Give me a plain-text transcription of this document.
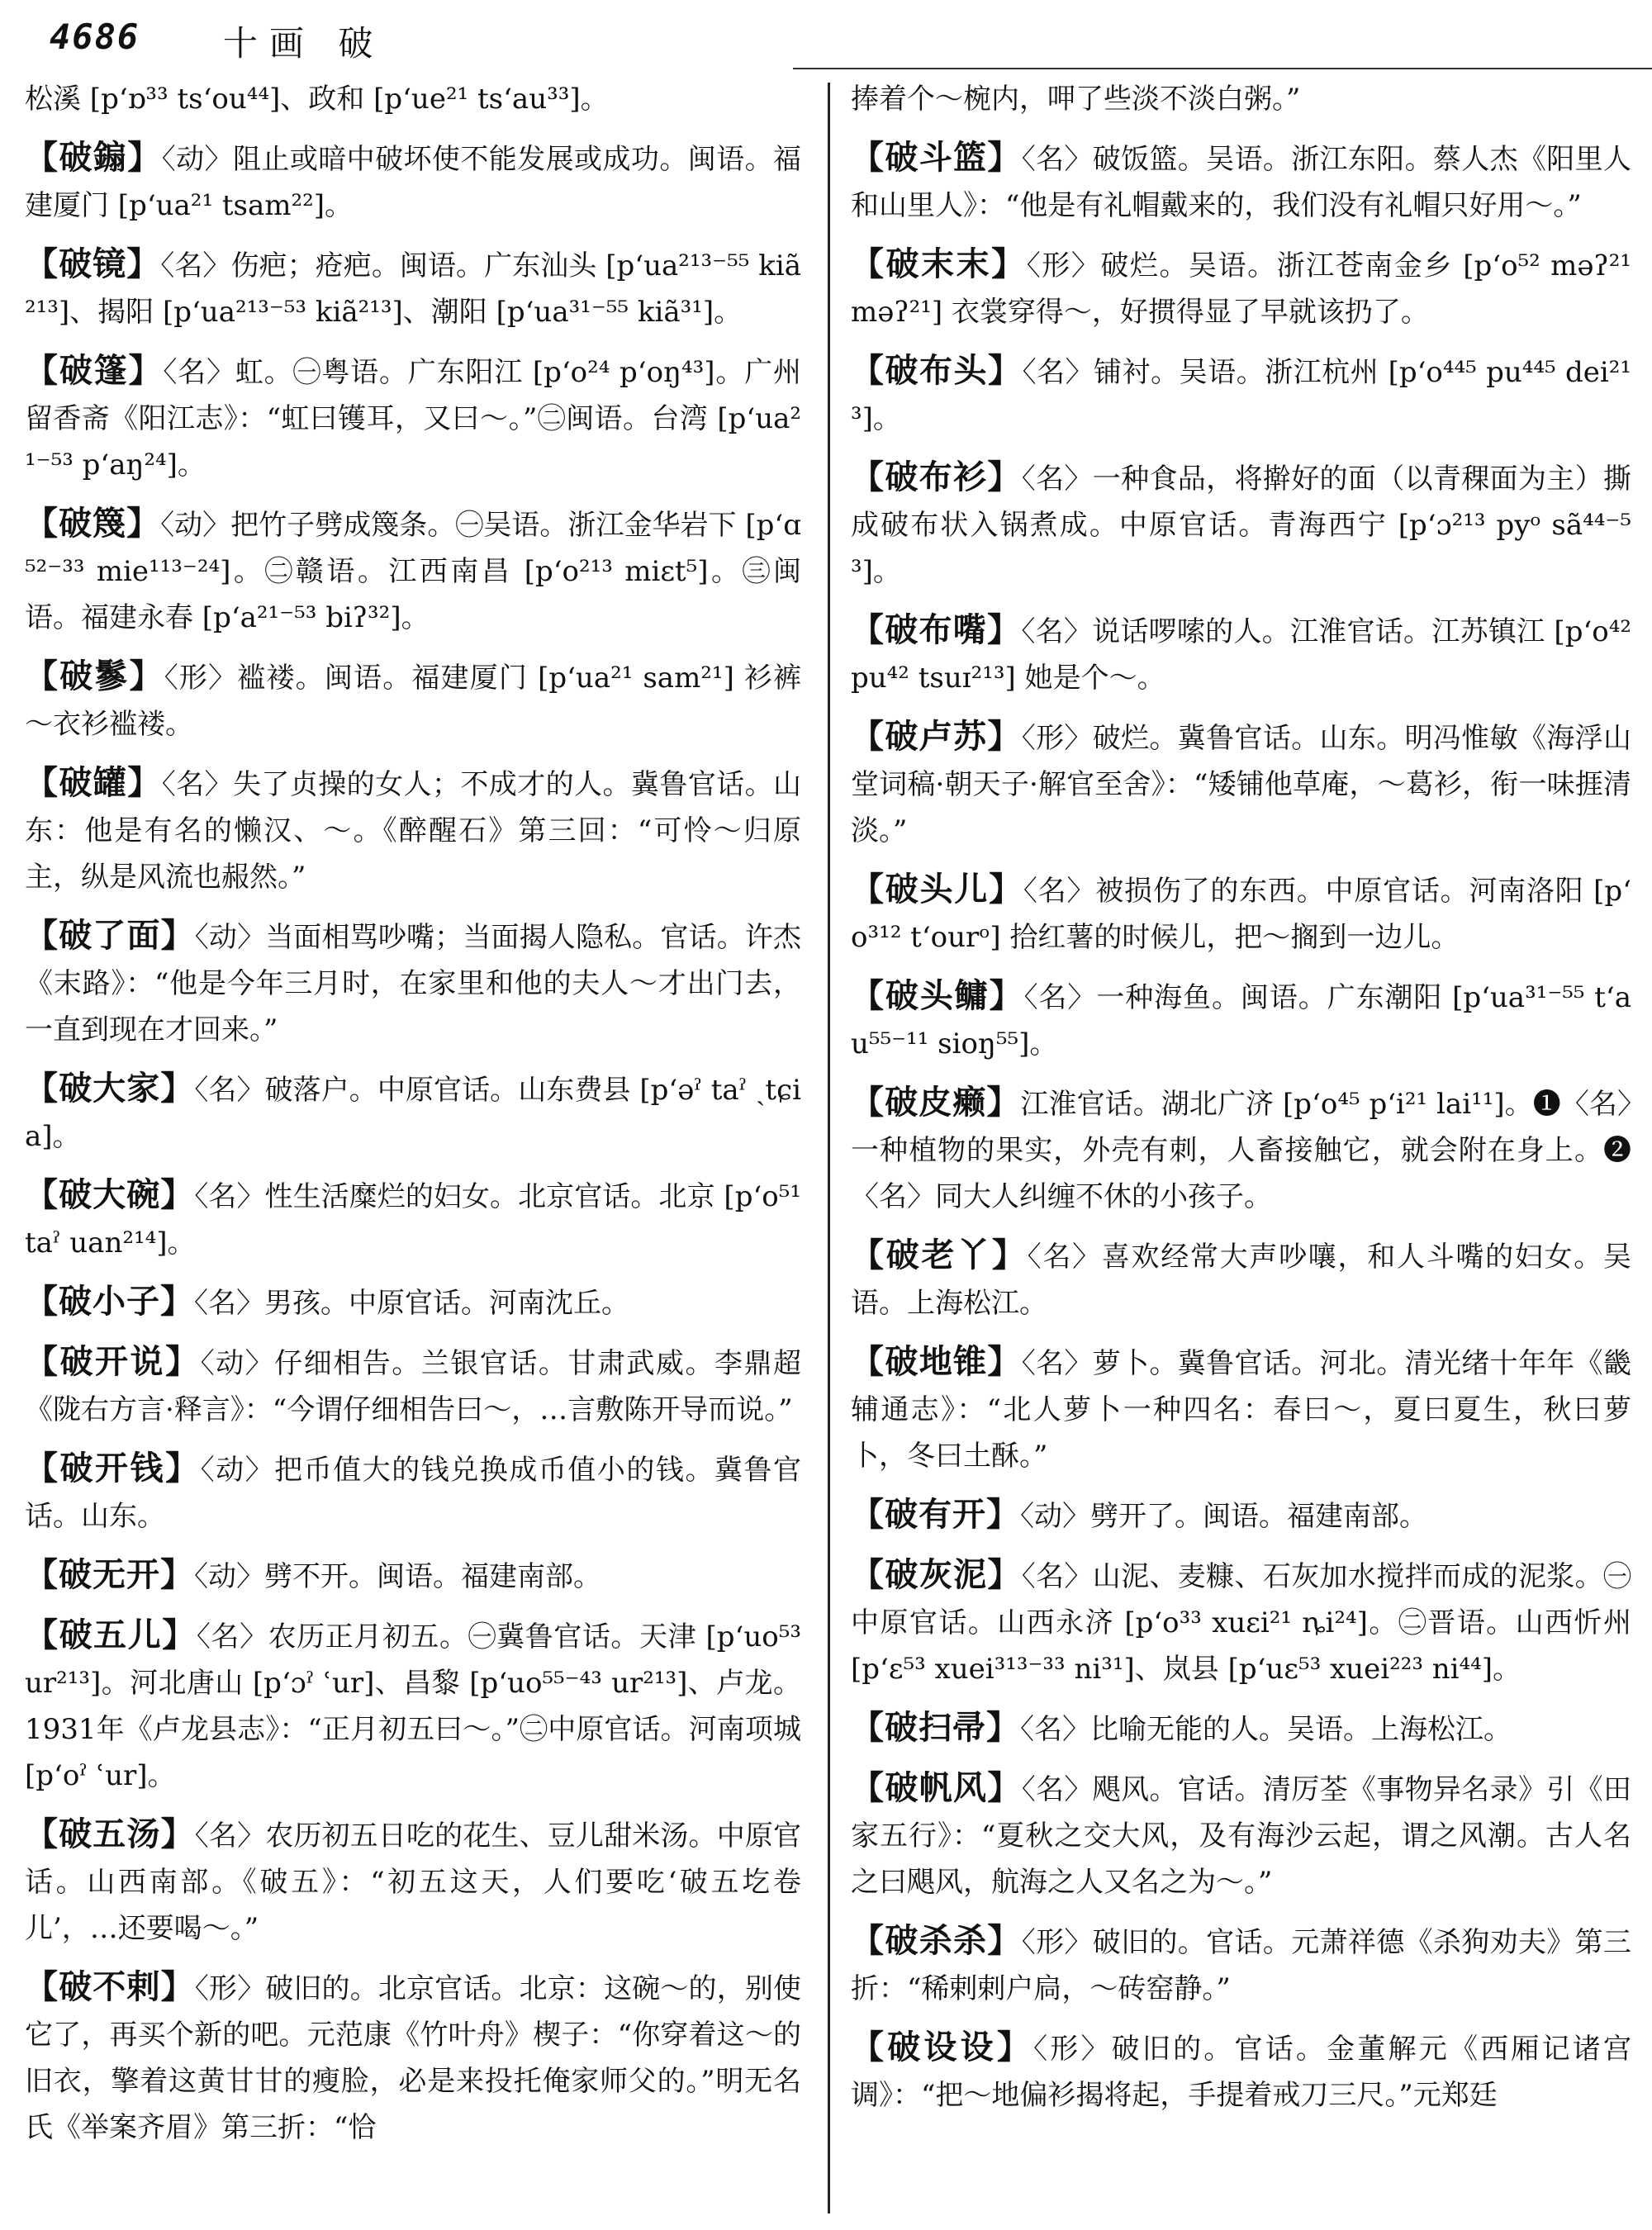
4686 十画 破

松溪 [pʻɒ³³ tsʻou⁴⁴]、政和 [pʻue²¹ tsʻau³³]。

【破䥇】〈动〉阻止或暗中破坏使不能发展或成功。闽语。福建厦门 [pʻua²¹ tsam²²]。

【破镜】〈名〉伤疤；疮疤。闽语。广东汕头 [pʻua²¹³⁻⁵⁵ kiã²¹³]、揭阳 [pʻua²¹³⁻⁵³ kiã²¹³]、潮阳 [pʻua³¹⁻⁵⁵ kiã³¹]。

【破篷】〈名〉虹。㊀粤语。广东阳江 [pʻo²⁴ pʻoŋ⁴³]。广州留香斋《阳江志》：“虹曰镬耳，又曰～。”㊁闽语。台湾 [pʻua²¹⁻⁵³ pʻaŋ²⁴]。

【破篾】〈动〉把竹子劈成篾条。㊀吴语。浙江金华岩下 [pʻɑ⁵²⁻³³ mie¹¹³⁻²⁴]。㊁赣语。江西南昌 [pʻo²¹³ miɛt⁵]。㊂闽语。福建永春 [pʻa²¹⁻⁵³ biʔ³²]。

【破鬖】〈形〉褴褛。闽语。福建厦门 [pʻua²¹ sam²¹] 衫裤～衣衫褴褛。

【破罐】〈名〉失了贞操的女人；不成才的人。冀鲁官话。山东：他是有名的懒汉、～。《醉醒石》第三回：“可怜～归原主，纵是风流也赧然。”

【破了面】〈动〉当面相骂吵嘴；当面揭人隐私。官话。许杰《末路》：“他是今年三月时，在家里和他的夫人～才出门去，一直到现在才回来。”

【破大家】〈名〉破落户。中原官话。山东费县 [pʻəˀ taˀ ˏtɕia]。

【破大碗】〈名〉性生活糜烂的妇女。北京官话。北京 [pʻo⁵¹ taˀ uan²¹⁴]。

【破小子】〈名〉男孩。中原官话。河南沈丘。

【破开说】〈动〉仔细相告。兰银官话。甘肃武威。李鼎超《陇右方言·释言》：“今谓仔细相告曰～，…言敷陈开导而说。”

【破开钱】〈动〉把币值大的钱兑换成币值小的钱。冀鲁官话。山东。

【破无开】〈动〉劈不开。闽语。福建南部。

【破五儿】〈名〉农历正月初五。㊀冀鲁官话。天津 [pʻuo⁵³ ur²¹³]。河北唐山 [pʻɔˀ ʿur]、昌黎 [pʻuo⁵⁵⁻⁴³ ur²¹³]、卢龙。1931年《卢龙县志》：“正月初五曰～。”㊁中原官话。河南项城 [pʻoˀ ʿur]。

【破五汤】〈名〉农历初五日吃的花生、豆儿甜米汤。中原官话。山西南部。《破五》：“初五这天，人们要吃‘破五圪卷儿’，…还要喝～。”

【破不剌】〈形〉破旧的。北京官话。北京：这碗～的，别使它了，再买个新的吧。元范康《竹叶舟》楔子：“你穿着这～的旧衣，擎着这黄甘甘的瘦脸，必是来投托俺家师父的。”明无名氏《举案齐眉》第三折：“恰

捧着个～椀内，呷了些淡不淡白粥。”

【破斗篮】〈名〉破饭篮。吴语。浙江东阳。蔡人杰《阳里人和山里人》：“他是有礼帽戴来的，我们没有礼帽只好用～。”

【破末末】〈形〉破烂。吴语。浙江苍南金乡 [pʻo⁵² məʔ²¹ məʔ²¹] 衣裳穿得～，好掼得显了早就该扔了。

【破布头】〈名〉铺衬。吴语。浙江杭州 [pʻo⁴⁴⁵ pu⁴⁴⁵ dei²¹³]。

【破布衫】〈名〉一种食品，将擀好的面（以青稞面为主）撕成破布状入锅煮成。中原官话。青海西宁 [pʻɔ²¹³ pyᵒ sã⁴⁴⁻⁵³]。

【破布嘴】〈名〉说话啰嗦的人。江淮官话。江苏镇江 [pʻo⁴² pu⁴² tsuɪ²¹³] 她是个～。

【破卢苏】〈形〉破烂。冀鲁官话。山东。明冯惟敏《海浮山堂词稿·朝天子·解官至舍》：“矮铺他草庵，～葛衫，衔一味捱清淡。”

【破头儿】〈名〉被损伤了的东西。中原官话。河南洛阳 [pʻo³¹² tʻourᵒ] 拾红薯的时候儿，把～搁到一边儿。

【破头鳙】〈名〉一种海鱼。闽语。广东潮阳 [pʻua³¹⁻⁵⁵ tʻau⁵⁵⁻¹¹ sioŋ⁵⁵]。

【破皮癞】江淮官话。湖北广济 [pʻo⁴⁵ pʻi²¹ lai¹¹]。❶〈名〉一种植物的果实，外壳有刺，人畜接触它，就会附在身上。❷〈名〉同大人纠缠不休的小孩子。

【破老丫】〈名〉喜欢经常大声吵嚷，和人斗嘴的妇女。吴语。上海松江。

【破地锥】〈名〉萝卜。冀鲁官话。河北。清光绪十年年《畿辅通志》：“北人萝卜一种四名：春曰～，夏曰夏生，秋曰萝卜，冬曰土酥。”

【破有开】〈动〉劈开了。闽语。福建南部。

【破灰泥】〈名〉山泥、麦糠、石灰加水搅拌而成的泥浆。㊀中原官话。山西永济 [pʻo³³ xuɛi²¹ ȵi²⁴]。㊁晋语。山西忻州 [pʻɛ⁵³ xuei³¹³⁻³³ ni³¹]、岚县 [pʻuɛ⁵³ xuei²²³ ni⁴⁴]。

【破扫帚】〈名〉比喻无能的人。吴语。上海松江。

【破帆风】〈名〉飓风。官话。清厉荃《事物异名录》引《田家五行》：“夏秋之交大风，及有海沙云起，谓之风潮。古人名之曰飓风，航海之人又名之为～。”

【破杀杀】〈形〉破旧的。官话。元萧祥德《杀狗劝夫》第三折：“稀剌剌户扃，～砖窑静。”

【破设设】〈形〉破旧的。官话。金董解元《西厢记诸宫调》：“把～地偏衫揭将起，手提着戒刀三尺。”元郑廷
